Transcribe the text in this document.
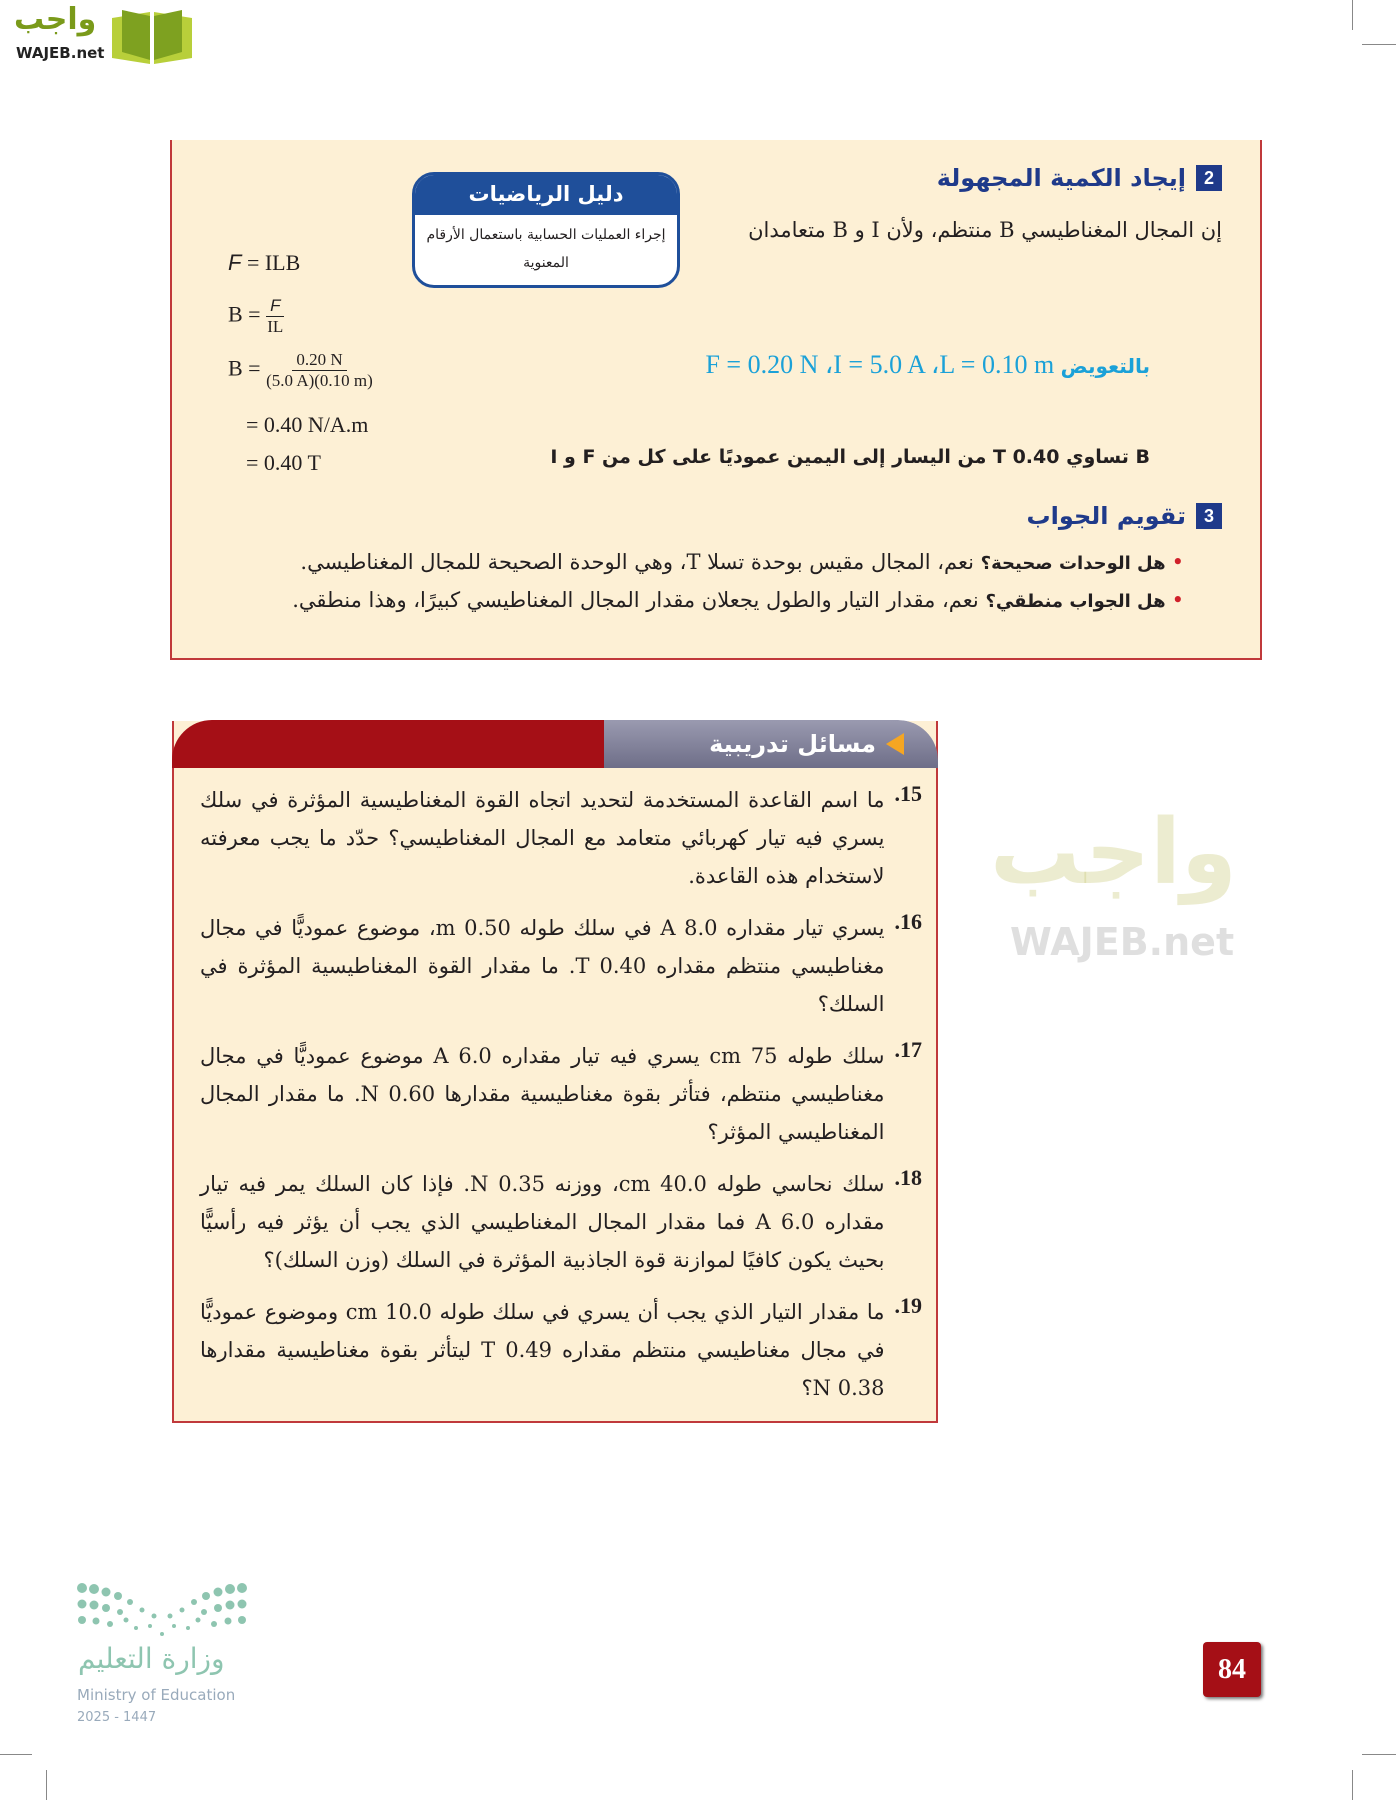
واجب
WAJEB.net
2
إيجاد الكمية المجهولة
إن المجال المغناطيسي B منتظم، ولأن I و B متعامدان
دليل الرياضيات
إجراء العمليات الحسابية باستعمال الأرقام المعنوية
F = ILB
$B = \frac{F}{IL}$
$B = \frac{0.20 N}{(5.0 A)(0.10 m)}$
= 0.40 N/A.m
= 0.40 T
بالتعويض F = 0.20 N ،I = 5.0 A ،L = 0.10 m
B تساوي 0.40 T من اليسار إلى اليمين عموديًا على كل من F و I
3
تقويم الجواب
•هل الوحدات صحيحة؟ نعم، المجال مقيس بوحدة تسلا T، وهي الوحدة الصحيحة للمجال المغناطيسي.
•هل الجواب منطقي؟ نعم، مقدار التيار والطول يجعلان مقدار المجال المغناطيسي كبيرًا، وهذا منطقي.
واجب
WAJEB.net
15.
ما اسم القاعدة المستخدمة لتحديد اتجاه القوة المغناطيسية المؤثرة في سلك يسري فيه تيار كهربائي متعامد مع المجال المغناطيسي؟ حدّد ما يجب معرفته لاستخدام هذه القاعدة.
16.
يسري تيار مقداره 8.0 A في سلك طوله 0.50 m، موضوع عموديًّا في مجال مغناطيسي منتظم مقداره 0.40 T. ما مقدار القوة المغناطيسية المؤثرة في السلك؟
17.
سلك طوله 75 cm يسري فيه تيار مقداره 6.0 A موضوع عموديًّا في مجال مغناطيسي منتظم، فتأثر بقوة مغناطيسية مقدارها 0.60 N. ما مقدار المجال المغناطيسي المؤثر؟
18.
سلك نحاسي طوله 40.0 cm، ووزنه 0.35 N. فإذا كان السلك يمر فيه تيار مقداره 6.0 A فما مقدار المجال المغناطيسي الذي يجب أن يؤثر فيه رأسيًّا بحيث يكون كافيًا لموازنة قوة الجاذبية المؤثرة في السلك (وزن السلك)؟
19.
ما مقدار التيار الذي يجب أن يسري في سلك طوله 10.0 cm وموضوع عموديًّا في مجال مغناطيسي منتظم مقداره 0.49 T ليتأثر بقوة مغناطيسية مقدارها 0.38 N؟
مسائل تدريبية
وزارة التعليم
Ministry of Education
2025 - 1447
84
